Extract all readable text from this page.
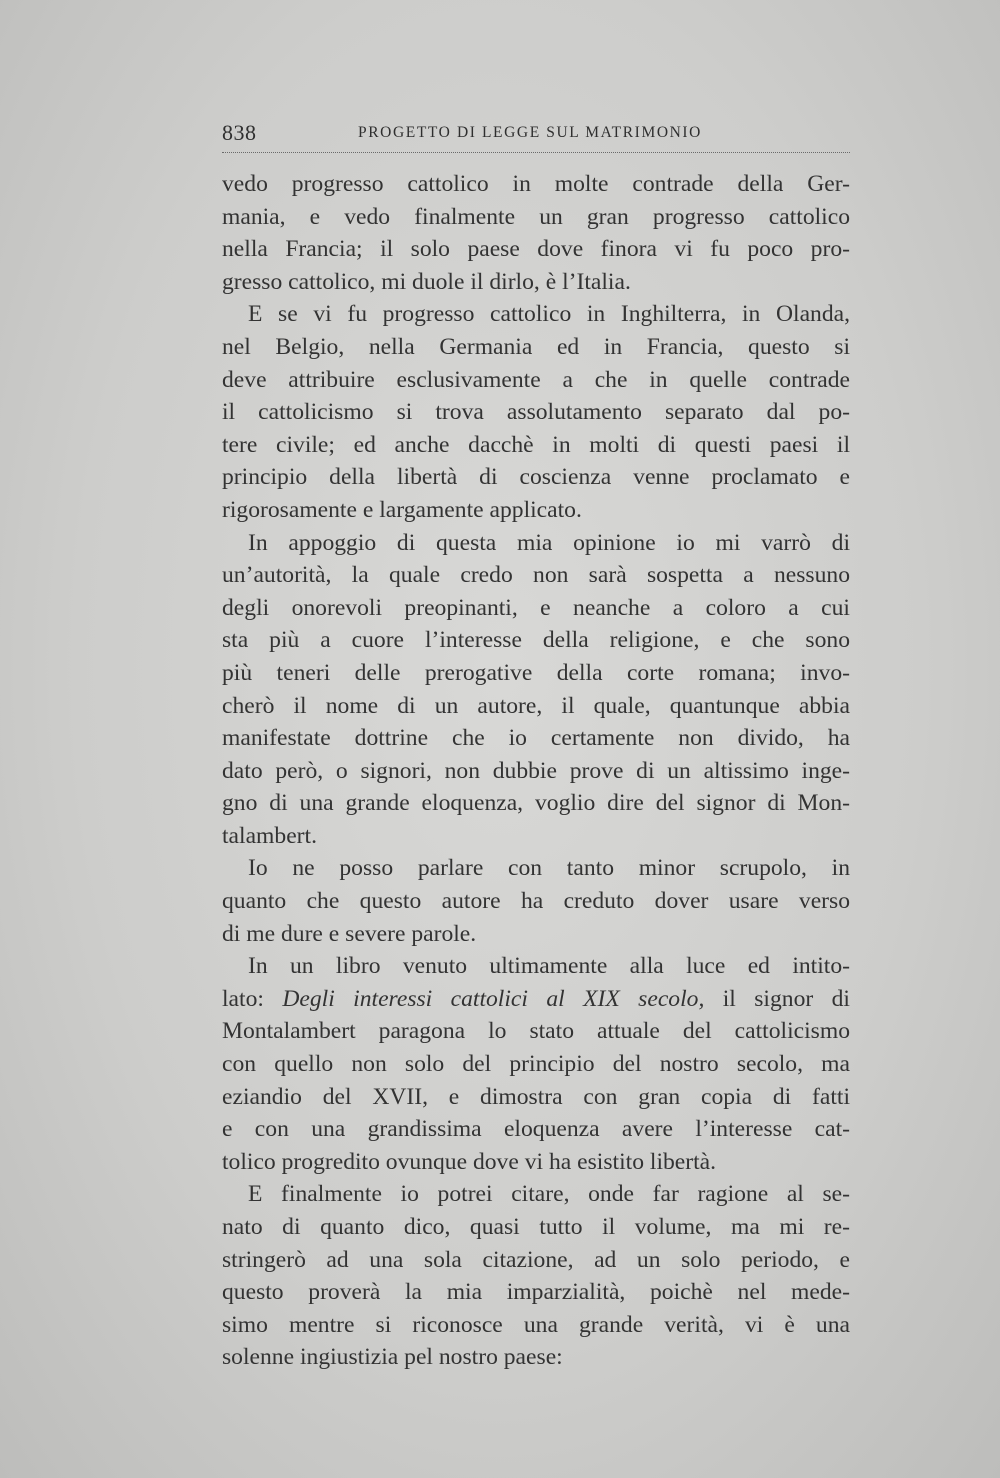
838	PROGETTO DI LEGGE SUL MATRIMONIO
vedo progresso cattolico in molte contrade della Ger-
mania, e vedo finalmente un gran progresso cattolico
nella Francia; il solo paese dove finora vi fu poco pro-
gresso cattolico, mi duole il dirlo, è l’Italia.
E se vi fu progresso cattolico in Inghilterra, in Olanda,
nel Belgio, nella Germania ed in Francia, questo si
deve attribuire esclusivamente a che in quelle contrade
il cattolicismo si trova assolutamento separato dal po-
tere civile; ed anche dacchè in molti di questi paesi il
principio della libertà di coscienza venne proclamato e
rigorosamente e largamente applicato.
In appoggio di questa mia opinione io mi varrò di
un’autorità, la quale credo non sarà sospetta a nessuno
degli onorevoli preopinanti, e neanche a coloro a cui
sta più a cuore l’interesse della religione, e che sono
più teneri delle prerogative della corte romana; invo-
cherò il nome di un autore, il quale, quantunque abbia
manifestate dottrine che io certamente non divido, ha
dato però, o signori, non dubbie prove di un altissimo inge-
gno di una grande eloquenza, voglio dire del signor di Mon-
talambert.
Io ne posso parlare con tanto minor scrupolo, in
quanto che questo autore ha creduto dover usare verso
di me dure e severe parole.
In un libro venuto ultimamente alla luce ed intito-
lato: Degli interessi cattolici al XIX secolo, il signor di
Montalambert paragona lo stato attuale del cattolicismo
con quello non solo del principio del nostro secolo, ma
eziandio del XVII, e dimostra con gran copia di fatti
e con una grandissima eloquenza avere l’interesse cat-
tolico progredito ovunque dove vi ha esistito libertà.
E finalmente io potrei citare, onde far ragione al se-
nato di quanto dico, quasi tutto il volume, ma mi re-
stringerò ad una sola citazione, ad un solo periodo, e
questo proverà la mia imparzialità, poichè nel mede-
simo mentre si riconosce una grande verità, vi è una
solenne ingiustizia pel nostro paese:
